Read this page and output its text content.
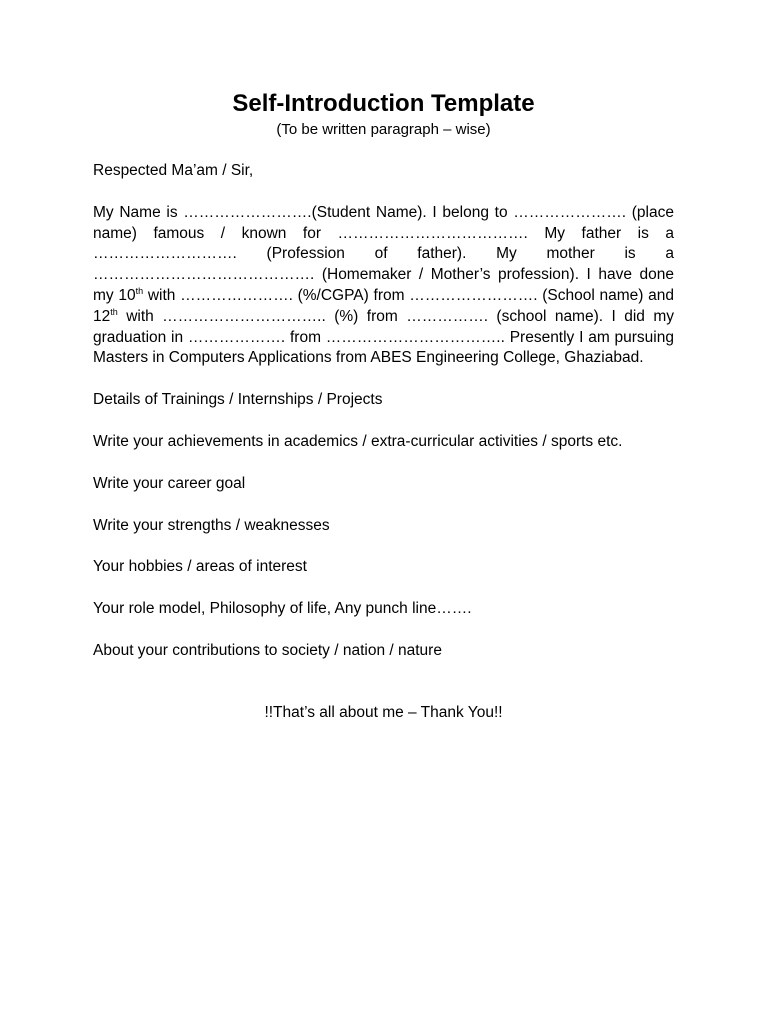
Self-Introduction Template
(To be written paragraph – wise)

Respected Ma’am / Sir,

My Name is …………………….(Student Name). I belong to …………………. (place name) famous / known for ………………………………. My father is a ………………………. (Profession of father). My mother is a ……………………………………. (Homemaker / Mother’s profession). I have done my 10th with …………………. (%/CGPA) from ……………………. (School name) and 12th with ………………………….. (%) from ……………. (school name). I did my graduation in ………………. from …………………………….. Presently I am pursuing Masters in Computers Applications from ABES Engineering College, Ghaziabad.

Details of Trainings / Internships / Projects

Write your achievements in academics / extra-curricular activities / sports etc.

Write your career goal

Write your strengths / weaknesses

Your hobbies / areas of interest

Your role model, Philosophy of life, Any punch line…….

About your contributions to society / nation / nature

!!That’s all about me – Thank You!!
